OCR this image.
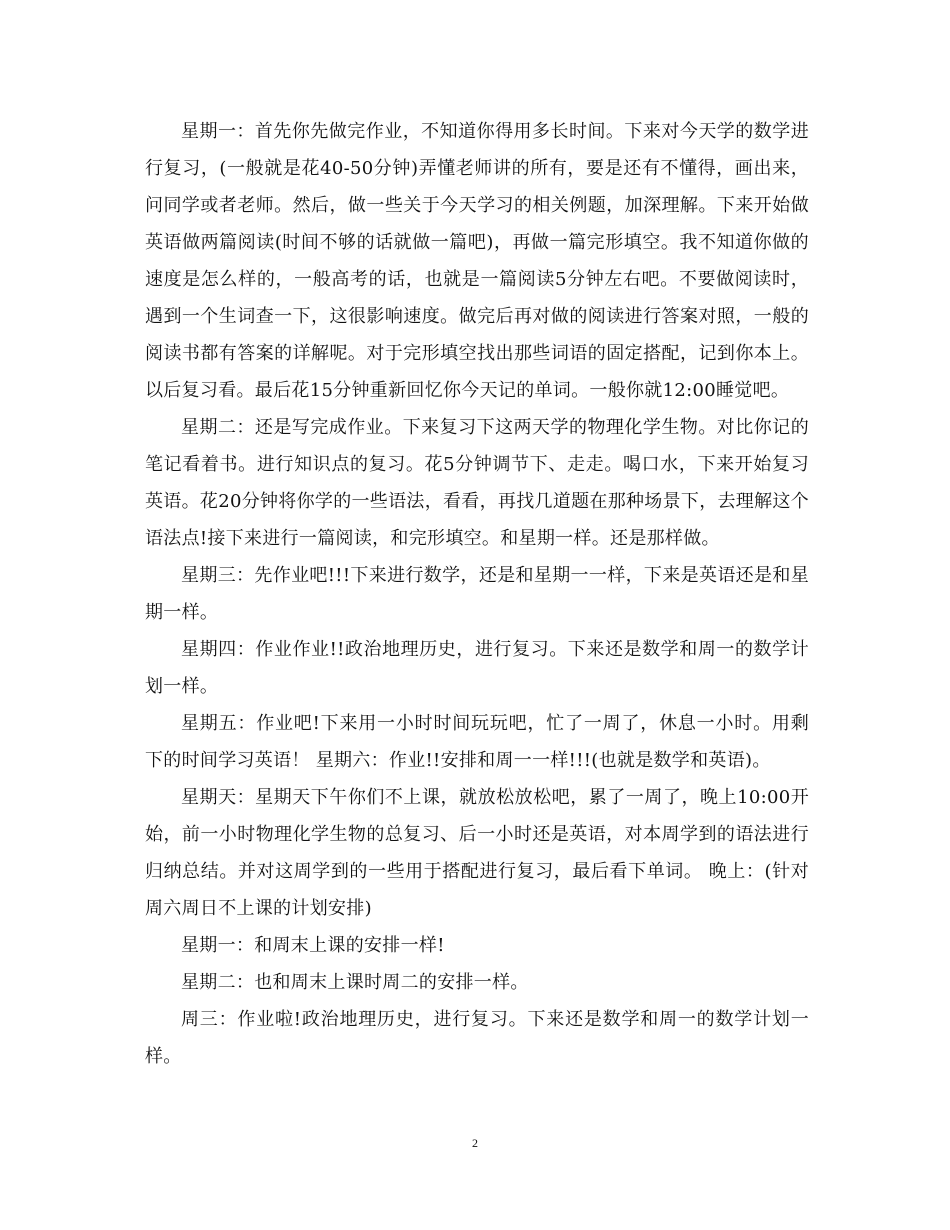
星期一：首先你先做完作业，不知道你得用多长时间。下来对今天学的数学进行复习，(一般就是花40-50分钟)弄懂老师讲的所有，要是还有不懂得，画出来，问同学或者老师。然后，做一些关于今天学习的相关例题，加深理解。下来开始做英语做两篇阅读(时间不够的话就做一篇吧)，再做一篇完形填空。我不知道你做的速度是怎么样的，一般高考的话，也就是一篇阅读5分钟左右吧。不要做阅读时，遇到一个生词查一下，这很影响速度。做完后再对做的阅读进行答案对照，一般的阅读书都有答案的详解呢。对于完形填空找出那些词语的固定搭配，记到你本上。以后复习看。最后花15分钟重新回忆你今天记的单词。一般你就12:00睡觉吧。

星期二：还是写完成作业。下来复习下这两天学的物理化学生物。对比你记的笔记看着书。进行知识点的复习。花5分钟调节下、走走。喝口水，下来开始复习英语。花20分钟将你学的一些语法，看看，再找几道题在那种场景下，去理解这个语法点!接下来进行一篇阅读，和完形填空。和星期一样。还是那样做。

星期三：先作业吧!!!下来进行数学，还是和星期一一样，下来是英语还是和星期一样。

星期四：作业作业!!政治地理历史，进行复习。下来还是数学和周一的数学计划一样。

星期五：作业吧!下来用一小时时间玩玩吧，忙了一周了，休息一小时。用剩下的时间学习英语！ 星期六：作业!!安排和周一一样!!!(也就是数学和英语)。

星期天：星期天下午你们不上课，就放松放松吧，累了一周了，晚上10:00开始，前一小时物理化学生物的总复习、后一小时还是英语，对本周学到的语法进行归纳总结。并对这周学到的一些用于搭配进行复习，最后看下单词。 晚上：(针对周六周日不上课的计划安排)

星期一：和周末上课的安排一样!

星期二：也和周末上课时周二的安排一样。

周三：作业啦!政治地理历史，进行复习。下来还是数学和周一的数学计划一样。

2
